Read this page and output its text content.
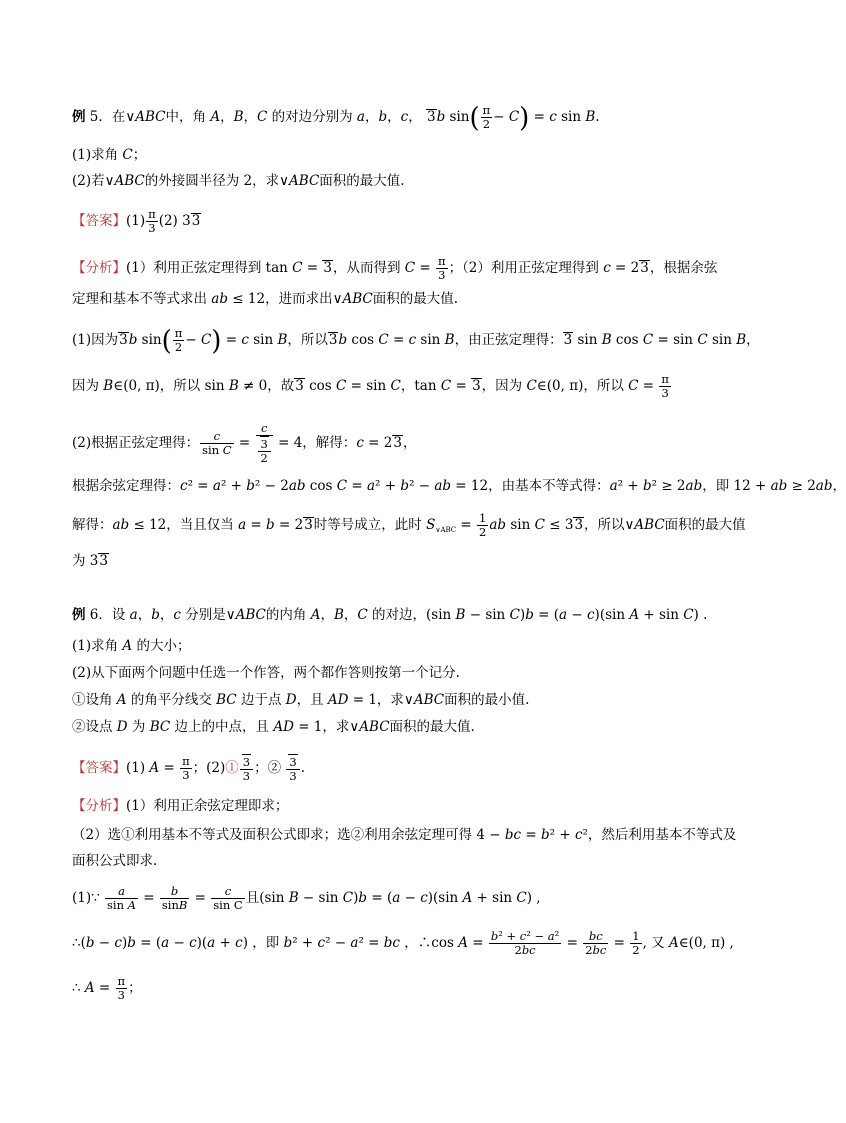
例 5．在∨ABC中，角 A，B，C 的对边分别为 a，b，c， 3b $\sin( \frac{\pi}{2} - C) = c$ sin B.
(1)求角 C；
(2)若∨ABC的外接圆半径为 2，求∨ABC面积的最大值.
【答案】$(1) \frac{\pi}{3} (2)$ 33
【分析】(1）利用正弦定理得到 tan C = 3，从而得到 $C = \frac{\pi}{3}$ ；（2）利用正弦定理得到 c = 23，根据余弦
定理和基本不等式求出 ab ≤ 12，进而求出∨ABC面积的最大值.
(1)因为3b $\sin( \frac{\pi}{2} - C) = c$ sin B，所以3b cos C = c sin B，由正弦定理得：3 sin B cos C = sin C sin B，
因为 B∈(0, π)，所以 sin B ≠ 0，故3 cos C = sin C，tan C = 3，因为 C∈(0, π)，所以 $C = \frac{\pi}{3}$
(2)根据正弦定理得： $\frac{c}{\text{sin C}} = \frac{c}{\frac{3}{2}} = 4$，解得：c = 23，
根据余弦定理得：c² = a² + b² − 2ab cos C = a² + b² − ab = 12，由基本不等式得：a² + b² ≥ 2ab，即 12 + ab ≥ 2ab，
解得：ab ≤ 12，当且仅当 a = b = 23时等号成立，此时 $S_{\vee ABC} = \frac{1}{2}$ ab sin C ≤ 33，所以∨ABC面积的最大值
为 33
例 6．设 a，b，c 分别是∨ABC的内角 A，B，C 的对边，(sin B − sin C)b = (a − c)(sin A + sin C) .
(1)求角 A 的大小；
(2)从下面两个问题中任选一个作答，两个都作答则按第一个记分.
①设角 A 的角平分线交 BC 边于点 D，且 AD = 1，求∨ABC面积的最小值.
②设点 D 为 BC 边上的中点，且 AD = 1，求∨ABC面积的最大值.
【答案】(1) $A = \frac{\pi}{3}$ ；(2)① $\frac{3}{3}$ ；② $\frac{3}{3}$ .
【分析】(1）利用正余弦定理即求；
（2）选①利用基本不等式及面积公式即求；选②利用余弦定理可得 4 − bc = b² + c²，然后利用基本不等式及
面积公式即求.
(1)∵ $\frac{a}{\text{sin A}} = \frac{b}{\sin B} = \frac{c}{\text{sin C}}$ 且(sin B − sin C)b = (a − c)(sin A + sin C) ,
∴(b − c)b = (a − c)(a + c) ，即 b² + c² − a² = bc ，∴cos $A = \frac{\text{b² + c² − a²}}{2bc} = \frac{bc}{2bc} = \frac{1}{2}$ , 又 A∈(0, π) ,
∴ $A = \frac{\pi}{3}$ ；
